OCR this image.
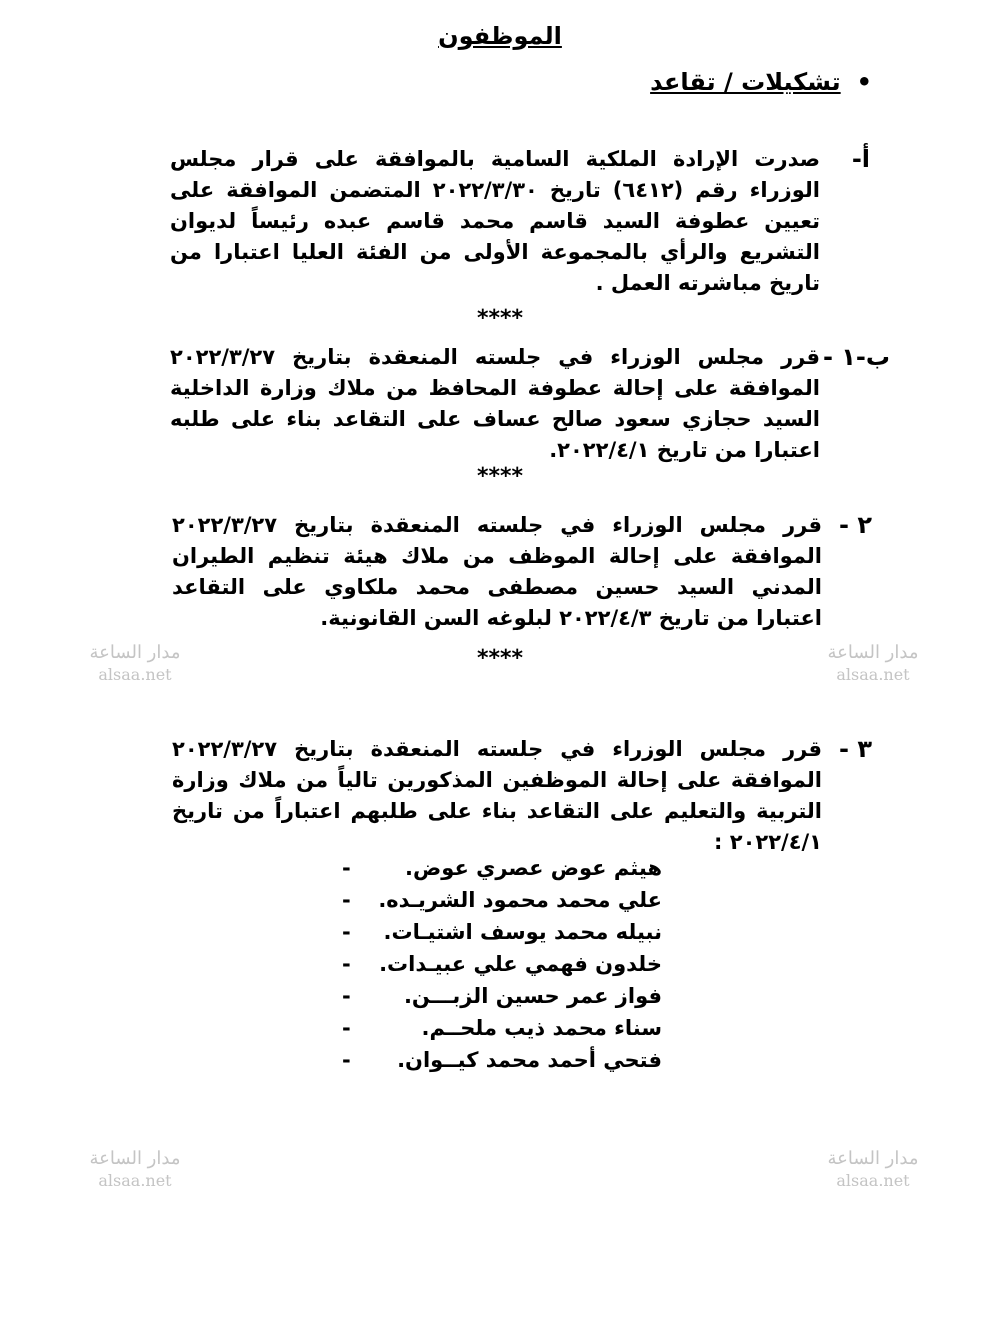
الموظفون
•تشكيلات / تقاعد
أ-
صدرت الإرادة الملكية السامية بالموافقة على قرار مجلس الوزراء رقم (٦٤١٢) تاريخ ٢٠٢٢/٣/٣٠ المتضمن الموافقة على تعيين عطوفة السيد قاسم محمد قاسم عبده رئيساً لديوان التشريع والرأي بالمجموعة الأولى من الفئة العليا اعتبارا من تاريخ مباشرته العمل .
****
ب-١ -
قرر مجلس الوزراء في جلسته المنعقدة بتاريخ ٢٠٢٢/٣/٢٧ الموافقة على إحالة عطوفة المحافظ من ملاك وزارة الداخلية السيد حجازي سعود صالح عساف على التقاعد بناء على طلبه اعتبارا من تاريخ ٢٠٢٢/٤/١.
****
٢ -
قرر مجلس الوزراء في جلسته المنعقدة بتاريخ ٢٠٢٢/٣/٢٧ الموافقة على إحالة الموظف من ملاك هيئة تنظيم الطيران المدني السيد حسين مصطفى محمد ملكاوي على التقاعد اعتبارا من تاريخ ٢٠٢٢/٤/٣ لبلوغه السن القانونية.
****
٣ -
قرر مجلس الوزراء في جلسته المنعقدة بتاريخ ٢٠٢٢/٣/٢٧ الموافقة على إحالة الموظفين المذكورين تالياً من ملاك وزارة التربية والتعليم على التقاعد بناء على طلبهم اعتباراً من تاريخ ٢٠٢٢/٤/١ :
هيثم عوض عصري عوض.
-
علي محمد محمود الشريـده.
-
نبيله محمد يوسف اشتيـات.
-
خلدون فهمي علي عبيـدات.
-
فواز عمر حسين الزبـــن.
-
سناء محمد ذيب ملحــم.
-
فتحي أحمد محمد كيــوان.
-
مدار الساعة
alsaa.net
مدار الساعة
alsaa.net
مدار الساعة
alsaa.net
مدار الساعة
alsaa.net
